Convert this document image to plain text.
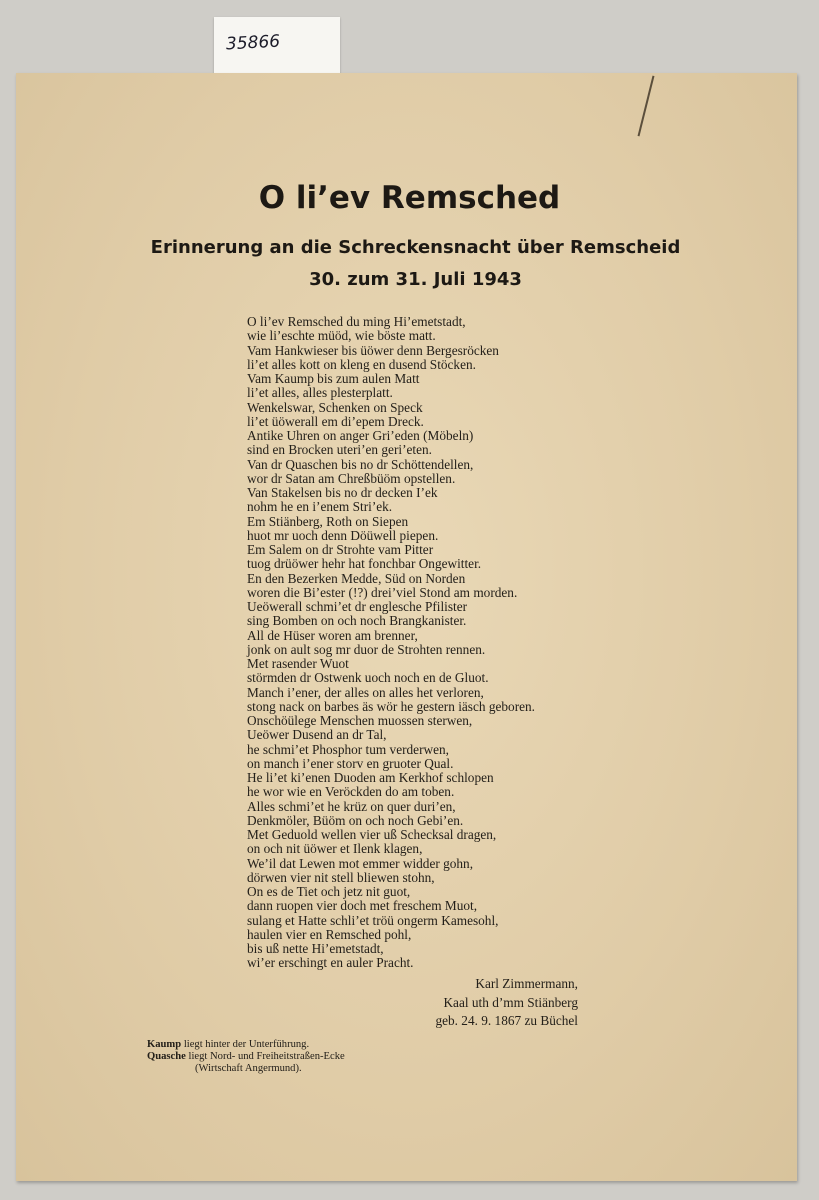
35866
O li’ev Remsched
Erinnerung an die Schreckensnacht über Remscheid
30. zum 31. Juli 1943
O li’ev Remsched du ming Hi’emetstadt,
wie li’eschte müöd, wie böste matt.
Vam Hankwieser bis üöwer denn Bergesröcken
li’et alles kott on kleng en dusend Stöcken.
Vam Kaump bis zum aulen Matt
li’et alles, alles plesterplatt.
Wenkelswar, Schenken on Speck
li’et üöwerall em di’epem Dreck.
Antike Uhren on anger Gri’eden (Möbeln)
sind en Brocken uteri’en geri’eten.
Van dr Quaschen bis no dr Schöttendellen,
wor dr Satan am Chreßbüöm opstellen.
Van Stakelsen bis no dr decken I’ek
nohm he en i’enem Stri’ek.
Em Stiänberg, Roth on Siepen
huot mr uoch denn Döüwell piepen.
Em Salem on dr Strohte vam Pitter
tuog drüöwer hehr hat fonchbar Ongewitter.
En den Bezerken Medde, Süd on Norden
woren die Bi’ester (!?) drei’viel Stond am morden.
Ueöwerall schmi’et dr englesche Pfilister
sing Bomben on och noch Brangkanister.
All de Hüser woren am brenner,
jonk on ault sog mr duor de Strohten rennen.
Met rasender Wuot
störmden dr Ostwenk uoch noch en de Gluot.
Manch i’ener, der alles on alles het verloren,
stong nack on barbes äs wör he gestern iäsch geboren.
Onschöülege Menschen muossen sterwen,
Ueöwer Dusend an dr Tal,
he schmi’et Phosphor tum verderwen,
on manch i’ener storv en gruoter Qual.
He li’et ki’enen Duoden am Kerkhof schlopen
he wor wie en Veröckden do am toben.
Alles schmi’et he krüz on quer duri’en,
Denkmöler, Büöm on och noch Gebi’en.
Met Geduold wellen vier uß Schecksal dragen,
on och nit üöwer et Ilenk klagen,
We’il dat Lewen mot emmer widder gohn,
dörwen vier nit stell bliewen stohn,
On es de Tiet och jetz nit guot,
dann ruopen vier doch met freschem Muot,
sulang et Hatte schli’et tröü ongerm Kamesohl,
haulen vier en Remsched pohl,
bis uß nette Hi’emetstadt,
wi’er erschingt en auler Pracht.
Karl Zimmermann,
Kaal uth d’mm Stiänberg
geb. 24. 9. 1867 zu Büchel
Kaump liegt hinter der Unterführung.
Quasche liegt Nord- und Freiheitstraßen-Ecke
(Wirtschaft Angermund).
